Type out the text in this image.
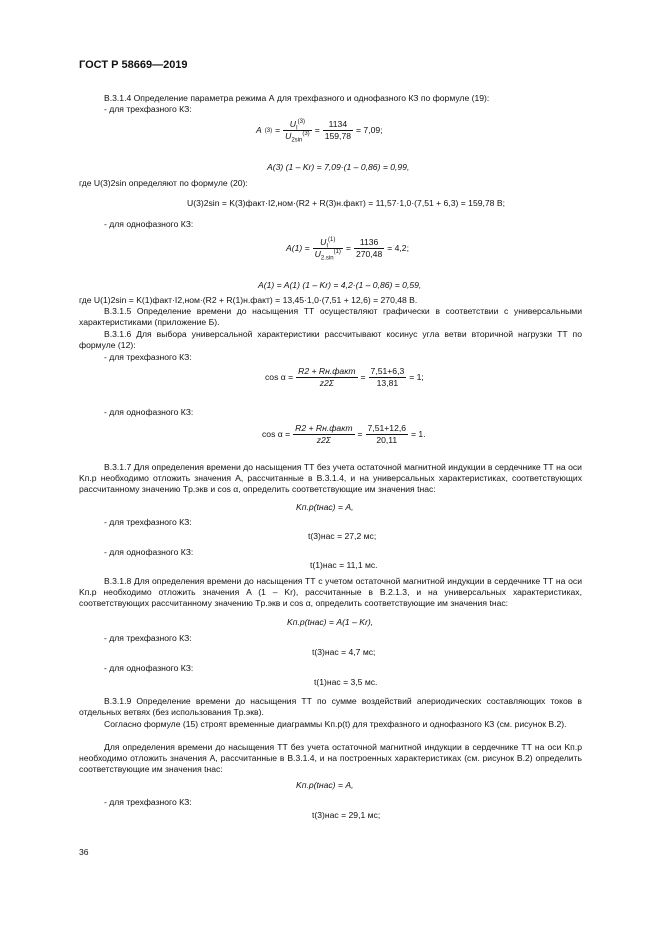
ГОСТ Р 58669—2019
В.3.1.4 Определение параметра режима А для трехфазного и однофазного КЗ по формуле (19):
- для трехфазного КЗ:
A $(3) = \frac{U_I^{(3)}}{U_{2sin}^{(3)}} = \frac{1134}{159,78} = 7,09$;
A(3) (1 – Kr) = 7,09·(1 – 0,86) = 0,99,
где U(3)2sin определяют по формуле (20):
U(3)2sin = K(3)факт·I2,ном·(R2 + R(3)н.факт) = 11,57·1,0·(7,51 + 6,3) = 159,78 В;
- для однофазного КЗ:
$A(1) = \frac{U_I^{(1)}}{U_{2.sin}^{(1)}} = \frac{1136}{270,48} = 4,2$;
A(1) = A(1) (1 – Kr) = 4,2·(1 – 0,86) = 0,59,
где U(1)2sin = K(1)факт·I2,ном·(R2 + R(1)н.факт) = 13,45·1,0·(7,51 + 12,6) = 270,48 В.
В.3.1.5 Определение времени до насыщения ТТ осуществляют графически в соответствии с универсальными характеристиками (приложение Б).
В.3.1.6 Для выбора универсальной характеристики рассчитывают косинус угла ветви вторичной нагрузки ТТ по формуле (12):
- для трехфазного КЗ:
$\cos \alpha = \frac{\text{R2 + Rн.факт}}{z2\Sigma} = \frac{7,51+6,3}{13,81} = 1$;
- для однофазного КЗ:
$\cos \alpha = \frac{\text{R2 + Rн.факт}}{z2\Sigma} = \frac{7,51+12,6}{20,11} = 1$.
В.3.1.7 Для определения времени до насыщения ТТ без учета остаточной магнитной индукции в сердечнике ТТ на оси Kп.р необходимо отложить значения A, рассчитанные в В.3.1.4, и на универсальных характеристиках, соответствующих рассчитанному значению Tр.экв и cos α, определить соответствующие им значения tнас:
Kп.р(tнас) = A,
- для трехфазного КЗ:
t(3)нас = 27,2 мс;
- для однофазного КЗ:
t(1)нас = 11,1 мс.
В.3.1.8 Для определения времени до насыщения ТТ с учетом остаточной магнитной индукции в сердечнике ТТ на оси Kп.р необходимо отложить значения A (1 – Kr), рассчитанные в В.2.1.3, и на универсальных характеристиках, соответствующих рассчитанному значению Tр.экв и cos α, определить соответствующие им значения tнас:
Kп.р(tнас) = A(1 – Kr),
- для трехфазного КЗ:
t(3)нас = 4,7 мс;
- для однофазного КЗ:
t(1)нас = 3,5 мс.
В.3.1.9 Определение времени до насыщения ТТ по сумме воздействий апериодических составляющих токов в отдельных ветвях (без использования Tр.экв).
Согласно формуле (15) строят временные диаграммы Kп.р(t) для трехфазного и однофазного КЗ (см. рисунок В.2).
Для определения времени до насыщения ТТ без учета остаточной магнитной индукции в сердечнике ТТ на оси Kп.р необходимо отложить значения A, рассчитанные в В.3.1.4, и на построенных характеристиках (см. рисунок В.2) определить соответствующие им значения tнас:
Kп.р(tнас) = A,
- для трехфазного КЗ:
t(3)нас = 29,1 мс;
36
